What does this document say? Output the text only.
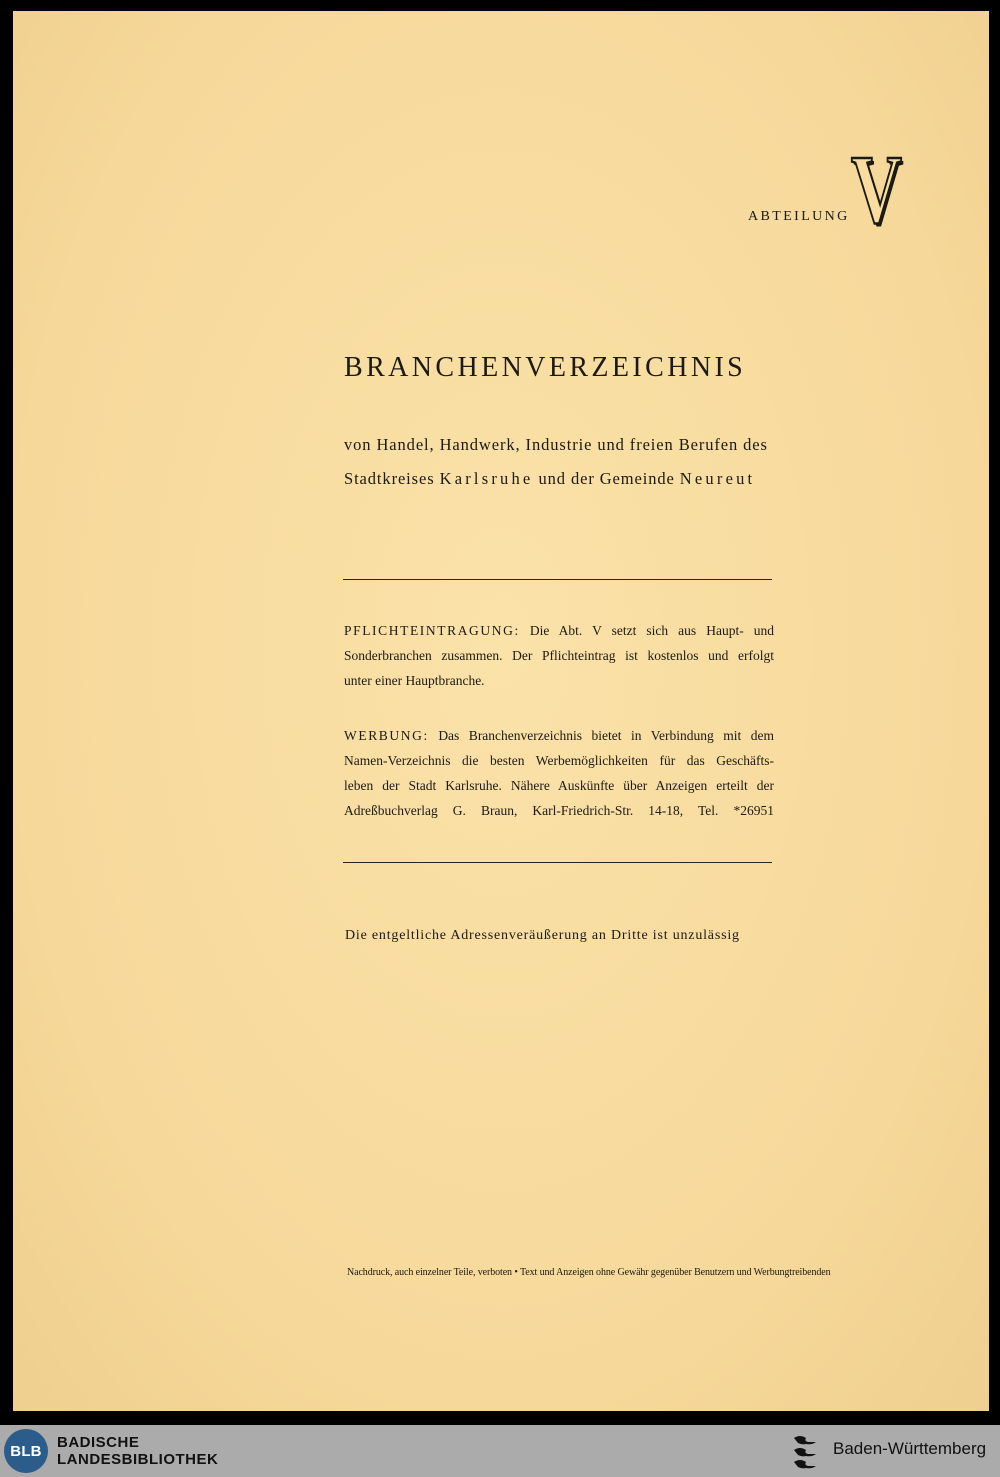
ABTEILUNG V
BRANCHENVERZEICHNIS
von Handel, Handwerk, Industrie und freien Berufen des
Stadtkreises Karlsruhe und der Gemeinde Neureut
PFLICHTEINTRAGUNG: Die Abt. V setzt sich aus Haupt- und
Sonderbranchen zusammen. Der Pflichteintrag ist kostenlos und erfolgt
unter einer Hauptbranche.
WERBUNG: Das Branchenverzeichnis bietet in Verbindung mit dem
Namen-Verzeichnis die besten Werbemöglichkeiten für das Geschäfts-
leben der Stadt Karlsruhe. Nähere Auskünfte über Anzeigen erteilt der
Adreßbuchverlag G. Braun, Karl-Friedrich-Str. 14-18, Tel. *26951
Die entgeltliche Adressenveräußerung an Dritte ist unzulässig
Nachdruck, auch einzelner Teile, verboten • Text und Anzeigen ohne Gewähr gegenüber Benutzern und Werbungtreibenden
BLB	BADISCHE
LANDESBIBLIOTHEK
Baden-Württemberg
